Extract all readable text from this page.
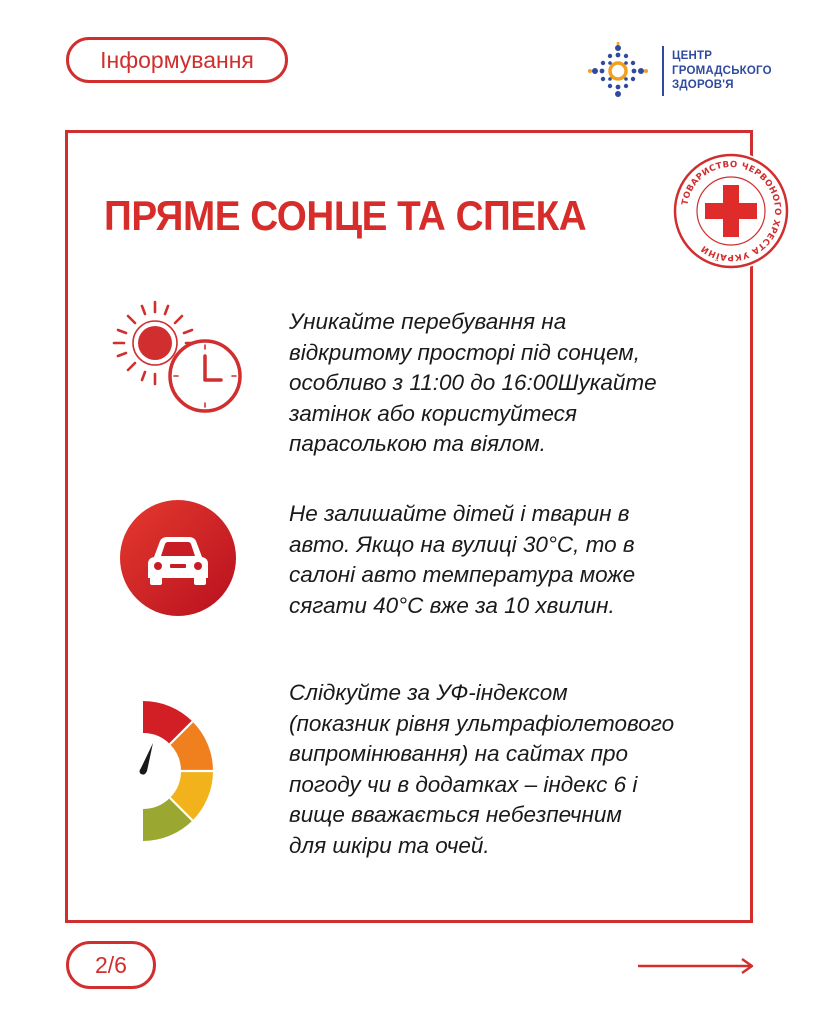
Інформування	ЦЕНТР
ГРОМАДСЬКОГО
ЗДОРОВ'Я
ТОВАРИСТВО ЧЕРВОНОГО ХРЕСТА УКРАЇНИ
ПРЯМЕ СОНЦЕ ТА СПЕКА
Уникайте перебування на
відкритому просторі під сонцем,
особливо з 11:00 до 16:00Шукайте
затінок або користуйтеся
парасолькою та віялом.
Не залишайте дітей і тварин в
авто. Якщо на вулиці 30°C, то в
салоні авто температура може
сягати 40°C вже за 10 хвилин.
Слідкуйте за УФ-індексом
(показник рівня ультрафіолетового
випромінювання) на сайтах про
погоду чи в додатках – індекс 6 і
вище вважається небезпечним
для шкіри та очей.
2/6
